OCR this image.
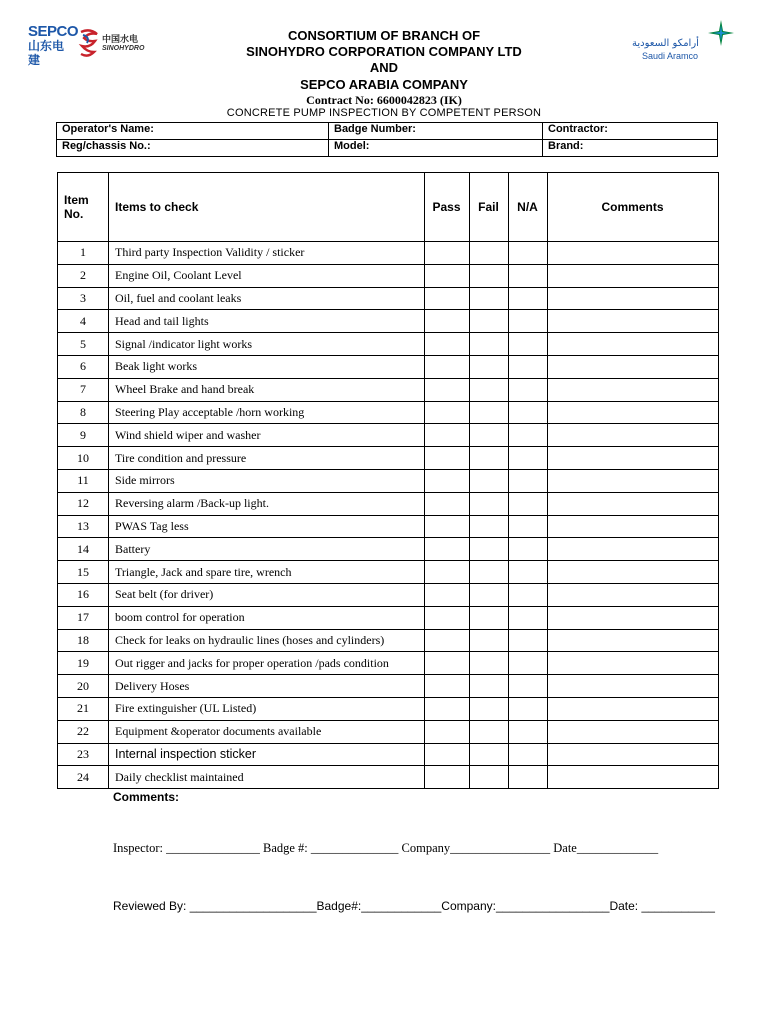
SEPCO
山东电建
中国水电
SINOHYDRO	أرامكو السعودية
Saudi Aramco
CONSORTIUM OF BRANCH OF
SINOHYDRO CORPORATION COMPANY LTD
AND
SEPCO ARABIA COMPANY
Contract No: 6600042823 (IK)
CONCRETE PUMP INSPECTION BY COMPETENT PERSON
Operator's Name:	Badge Number:	Contractor:
Reg/chassis No.:	Model:	Brand:
Item No.	Items to check	Pass	Fail	N/A	Comments
1	Third party Inspection Validity / sticker				
2	Engine Oil, Coolant Level				
3	Oil, fuel and coolant leaks				
4	Head and tail lights				
5	Signal /indicator light works				
6	Beak light works				
7	Wheel Brake and hand break				
8	Steering Play acceptable /horn working				
9	Wind shield wiper and washer				
10	Tire condition and pressure				
11	Side mirrors				
12	Reversing alarm /Back-up light.				
13	PWAS Tag less				
14	Battery				
15	Triangle, Jack and spare tire, wrench				
16	Seat belt (for driver)				
17	boom control for operation				
18	Check for leaks on hydraulic lines (hoses and cylinders)				
19	Out rigger and jacks for proper operation /pads condition				
20	Delivery Hoses				
21	Fire extinguisher (UL Listed)				
22	Equipment &operator documents available				
23	Internal inspection sticker				
24	Daily checklist maintained				
Comments:
Inspector: _______________ Badge #: ______________ Company________________ Date_____________
Reviewed By: ___________________Badge#:____________Company:_________________Date: ___________
